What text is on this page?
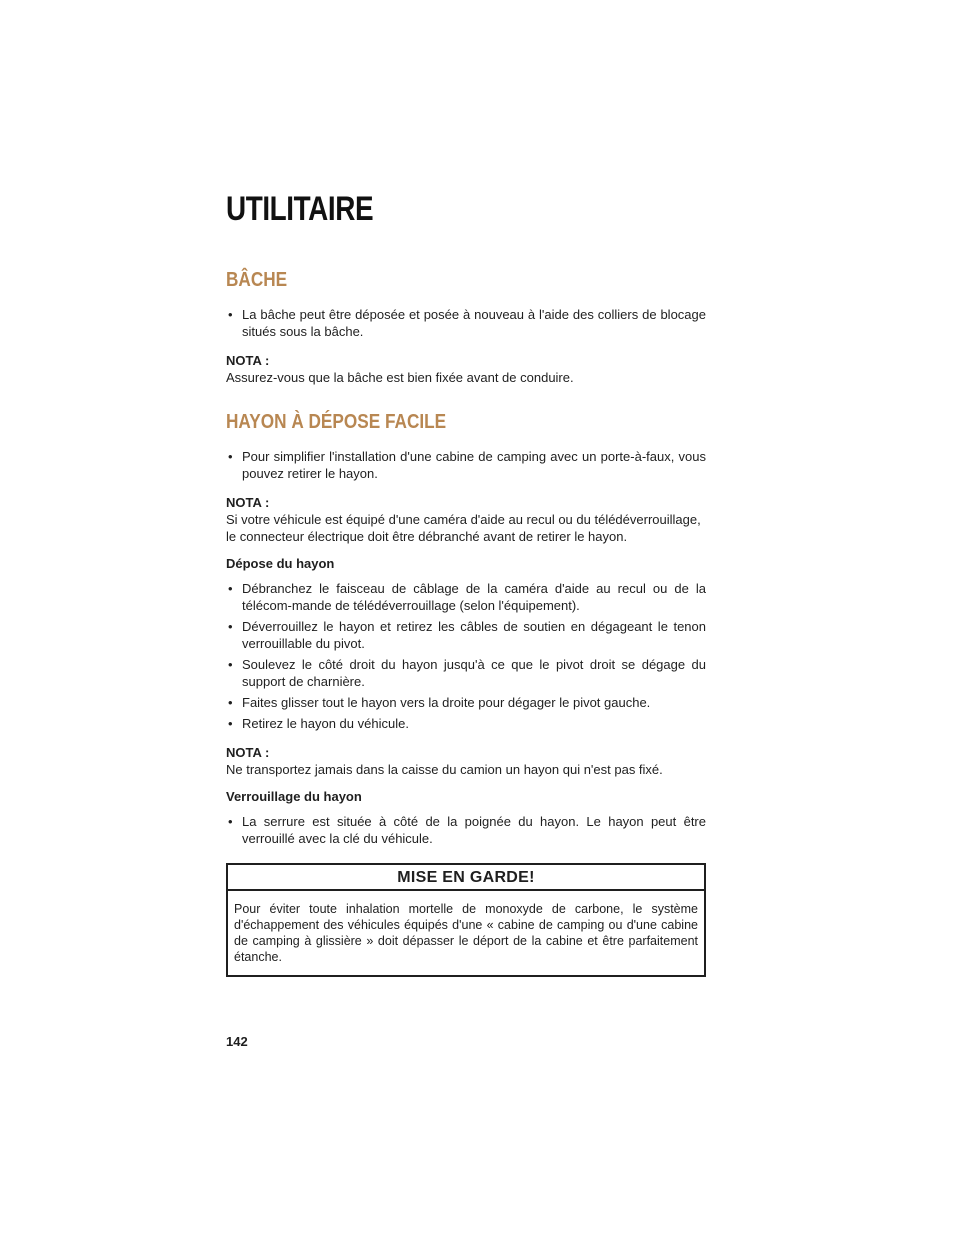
UTILITAIRE
BÂCHE
• La bâche peut être déposée et posée à nouveau à l'aide des colliers de blocage situés sous la bâche.
NOTA :
Assurez-vous que la bâche est bien fixée avant de conduire.
HAYON À DÉPOSE FACILE
• Pour simplifier l'installation d'une cabine de camping avec un porte-à-faux, vous pouvez retirer le hayon.
NOTA :
Si votre véhicule est équipé d'une caméra d'aide au recul ou du télédéverrouillage, le connecteur électrique doit être débranché avant de retirer le hayon.
Dépose du hayon
• Débranchez le faisceau de câblage de la caméra d'aide au recul ou de la télécom-mande de télédéverrouillage (selon l'équipement).
• Déverrouillez le hayon et retirez les câbles de soutien en dégageant le tenon verrouillable du pivot.
• Soulevez le côté droit du hayon jusqu'à ce que le pivot droit se dégage du support de charnière.
• Faites glisser tout le hayon vers la droite pour dégager le pivot gauche.
• Retirez le hayon du véhicule.
NOTA :
Ne transportez jamais dans la caisse du camion un hayon qui n'est pas fixé.
Verrouillage du hayon
• La serrure est située à côté de la poignée du hayon. Le hayon peut être verrouillé avec la clé du véhicule.
MISE EN GARDE!
Pour éviter toute inhalation mortelle de monoxyde de carbone, le système d'échappement des véhicules équipés d'une « cabine de camping ou d'une cabine de camping à glissière » doit dépasser le déport de la cabine et être parfaitement étanche.
142
